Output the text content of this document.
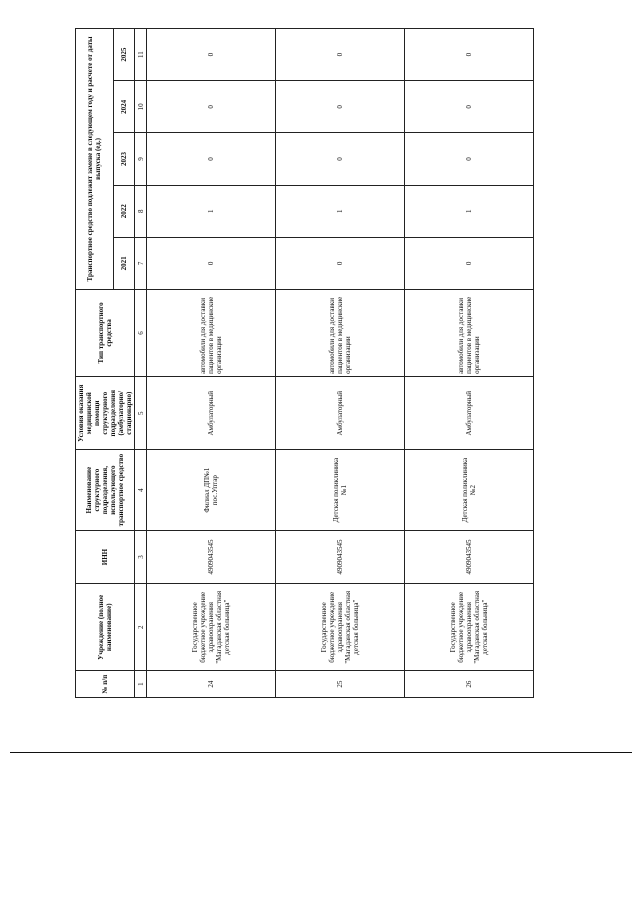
№ п/п	Учреждение (полное наименование)	ИНН	Наименование структурного подразделения, использующего транспортное средство	Условия оказания медицинской помощи структурного подразделения (амбулаторно/ стационарно)	Тип транспортного средства	Транспортное средство подлежит замене в следующем году и расчете от даты выпуска (ед.)				
						2021	2022	2023	2024	2025
1	2	3	4	5	6	7	8	9	10	11
24	Государственное бюджетное учреждение здравоохранения "Магаданская областная детская больница"	4909043545	Филиал ДП№1 пос.Уптар	Амбулаторный	автомобили для доставки пациентов в медицинские организации	0	1	0	0	0
25	Государственное бюджетное учреждение здравоохранения "Магаданская областная детская больница"	4909043545	Детская поликлиника №1	Амбулаторный	автомобили для доставки пациентов в медицинские организации	0	1	0	0	0
26	Государственное бюджетное учреждение здравоохранения "Магаданская областная детская больница"	4909043545	Детская поликлиника №2	Амбулаторный	автомобили для доставки пациентов в медицинские организации	0	1	0	0	0
